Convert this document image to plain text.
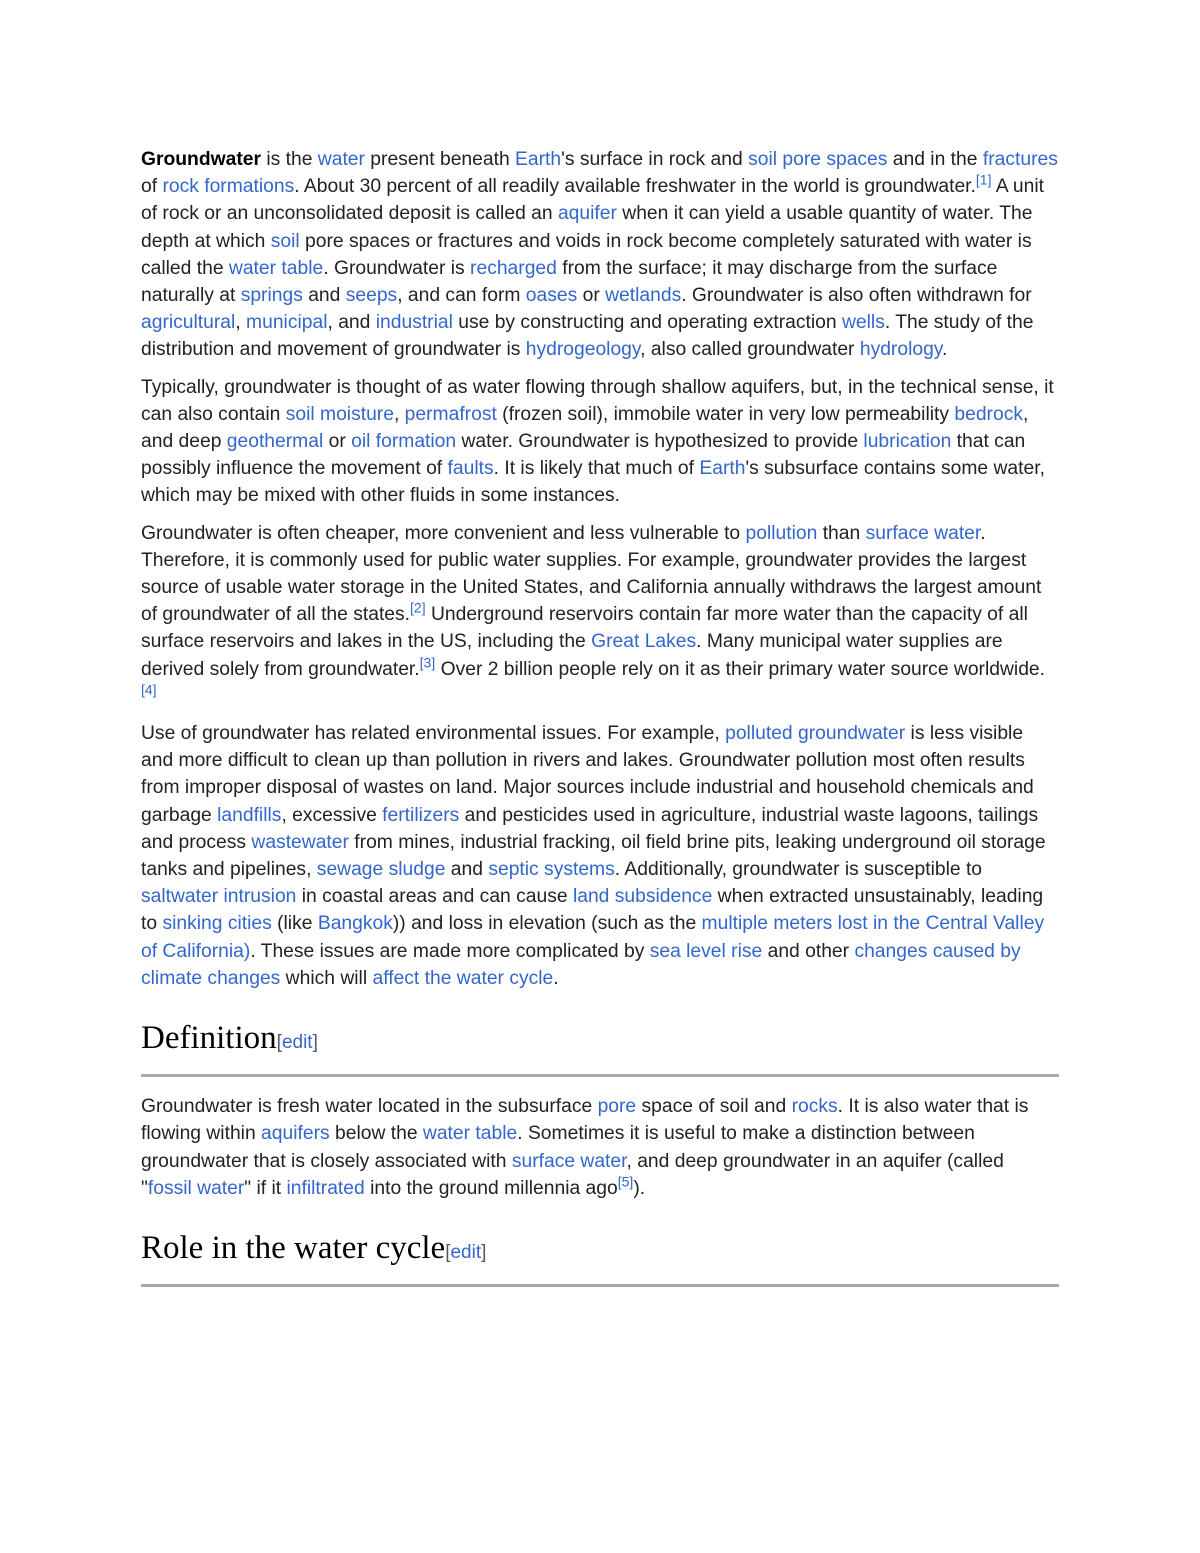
Groundwater is the water present beneath Earth's surface in rock and soil pore spaces and in the fractures of rock formations. About 30 percent of all readily available freshwater in the world is groundwater.[1] A unit of rock or an unconsolidated deposit is called an aquifer when it can yield a usable quantity of water. The depth at which soil pore spaces or fractures and voids in rock become completely saturated with water is called the water table. Groundwater is recharged from the surface; it may discharge from the surface naturally at springs and seeps, and can form oases or wetlands. Groundwater is also often withdrawn for agricultural, municipal, and industrial use by constructing and operating extraction wells. The study of the distribution and movement of groundwater is hydrogeology, also called groundwater hydrology.

Typically, groundwater is thought of as water flowing through shallow aquifers, but, in the technical sense, it can also contain soil moisture, permafrost (frozen soil), immobile water in very low permeability bedrock, and deep geothermal or oil formation water. Groundwater is hypothesized to provide lubrication that can possibly influence the movement of faults. It is likely that much of Earth's subsurface contains some water, which may be mixed with other fluids in some instances.

Groundwater is often cheaper, more convenient and less vulnerable to pollution than surface water. Therefore, it is commonly used for public water supplies. For example, groundwater provides the largest source of usable water storage in the United States, and California annually withdraws the largest amount of groundwater of all the states.[2] Underground reservoirs contain far more water than the capacity of all surface reservoirs and lakes in the US, including the Great Lakes. Many municipal water supplies are derived solely from groundwater.[3] Over 2 billion people rely on it as their primary water source worldwide.[4]

Use of groundwater has related environmental issues. For example, polluted groundwater is less visible and more difficult to clean up than pollution in rivers and lakes. Groundwater pollution most often results from improper disposal of wastes on land. Major sources include industrial and household chemicals and garbage landfills, excessive fertilizers and pesticides used in agriculture, industrial waste lagoons, tailings and process wastewater from mines, industrial fracking, oil field brine pits, leaking underground oil storage tanks and pipelines, sewage sludge and septic systems. Additionally, groundwater is susceptible to saltwater intrusion in coastal areas and can cause land subsidence when extracted unsustainably, leading to sinking cities (like Bangkok)) and loss in elevation (such as the multiple meters lost in the Central Valley of California). These issues are made more complicated by sea level rise and other changes caused by climate changes which will affect the water cycle.

Definition[edit]

Groundwater is fresh water located in the subsurface pore space of soil and rocks. It is also water that is flowing within aquifers below the water table. Sometimes it is useful to make a distinction between groundwater that is closely associated with surface water, and deep groundwater in an aquifer (called "fossil water" if it infiltrated into the ground millennia ago[5]).

Role in the water cycle[edit]
